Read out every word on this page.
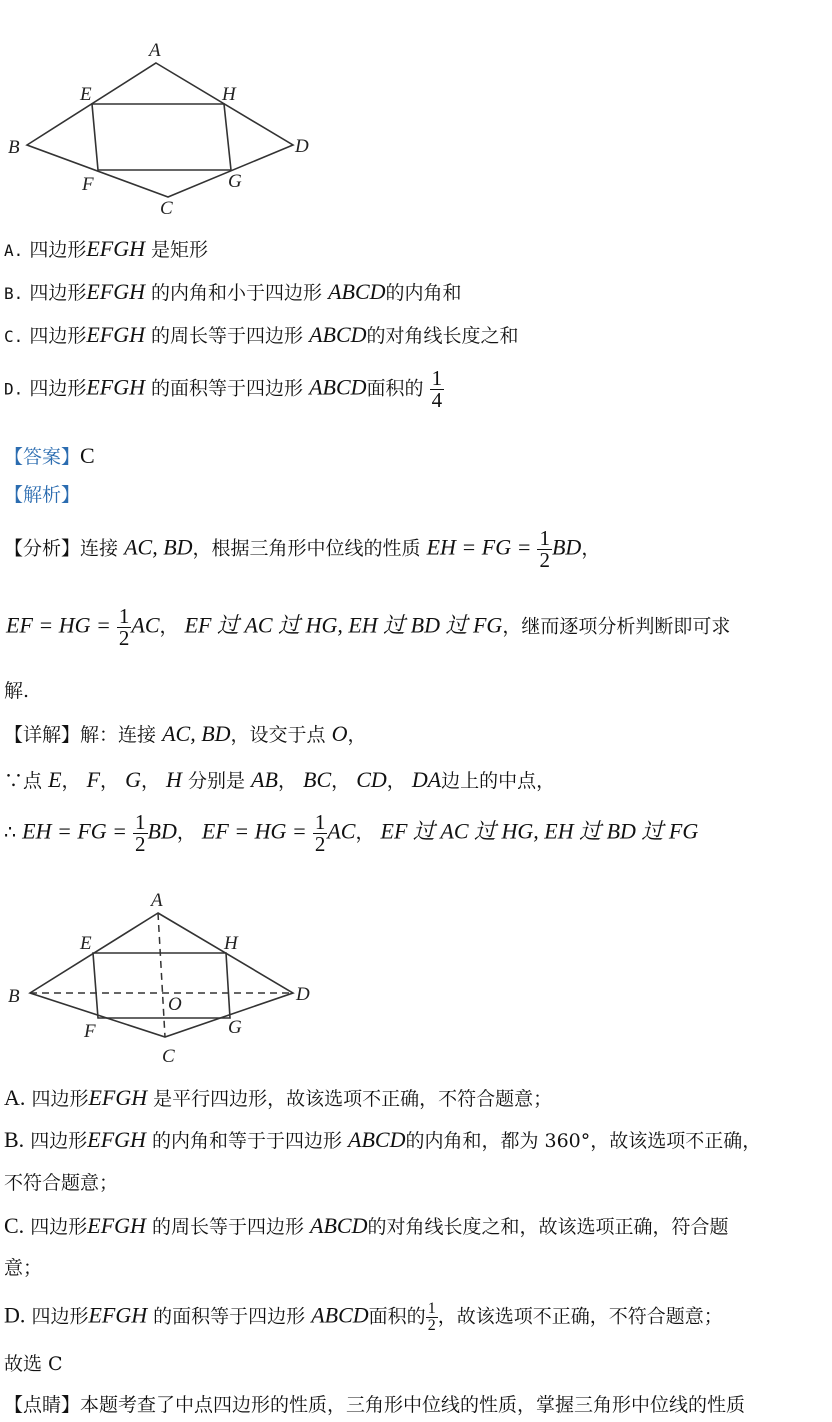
A
E	H
B	D
F	G
C
A. 四边形EFGH 是矩形
B. 四边形EFGH 的内角和小于四边形 ABCD的内角和
C. 四边形EFGH 的周长等于四边形 ABCD的对角线长度之和
D. 四边形EFGH 的面积等于四边形 ABCD面积的 $\frac{1}{4}$
【答案】C
【解析】
【分析】连接 AC, BD，根据三角形中位线的性质 EH = FG = $\frac{1}{2}$ BD，
EF = HG = $\frac{1}{2}$ AC， EF 过 AC 过 HG, EH 过 BD 过 FG，继而逐项分析判断即可求
解.
【详解】解：连接 AC, BD，设交于点 O，
∵点 E， F， G， H 分别是 AB， BC， CD， DA边上的中点，
∴ EH = FG = $\frac{1}{2}$ BD， EF = HG = $\frac{1}{2}$ AC， EF 过 AC 过 HG, EH 过 BD 过 FG
A
E	H
B	O	D
F	G
C
A. 四边形EFGH 是平行四边形，故该选项不正确，不符合题意；
B. 四边形EFGH 的内角和等于于四边形 ABCD的内角和，都为 360°，故该选项不正确，
不符合题意；
C. 四边形EFGH 的周长等于四边形 ABCD的对角线长度之和，故该选项正确，符合题
意；
D. 四边形EFGH 的面积等于四边形 ABCD面积的 $\frac{1}{2}$ ，故该选项不正确，不符合题意；
故选 C
【点睛】本题考查了中点四边形的性质，三角形中位线的性质，掌握三角形中位线的性质
